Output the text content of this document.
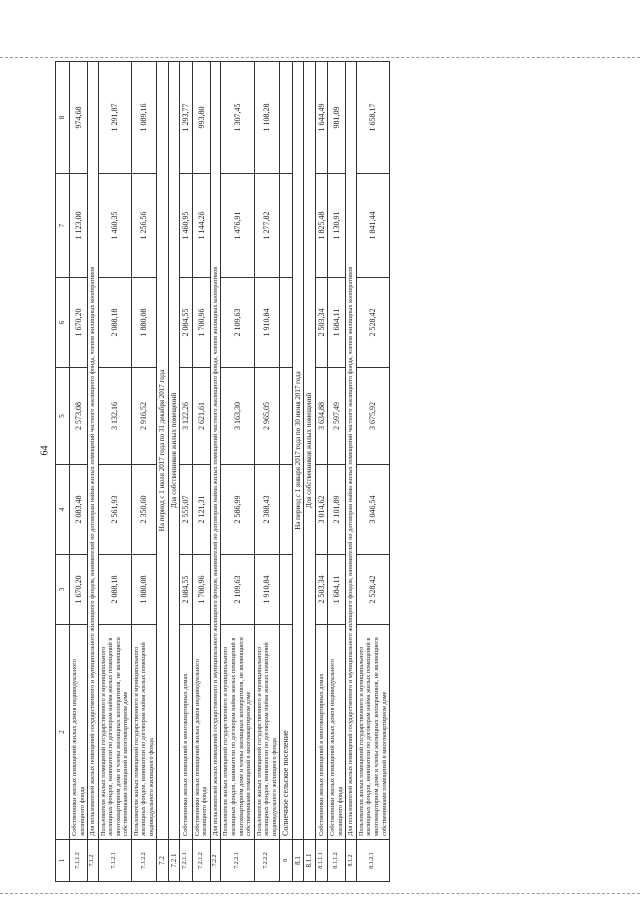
64
1	2	3	4	5	6	7	8
7.1.1.2	Собственники жилых помещений жилых домов индивидуального жилищного фонда	1 670,20	2 083,48	2 573,08	1 670,20	1 123,00	974,68
7.1.2	Для пользователей жилых помещений государственного и муниципального жилищного фондов, нанимателей по договорам найма жилых помещений частного жилищного фонда, членов жилищных кооперативов						
7.1.2.1	Пользователи жилых помещений государственного и муниципального жилищных фондов, наниматели по договорам найма жилых помещений в многоквартирном доме и члены жилищных кооперативов, не являющиеся собственниками помещений в многоквартирном доме	2 088,18	2 561,93	3 132,16	2 088,18	1 460,35	1 291,87
7.1.2.2	Пользователи жилых помещений государственного и муниципального жилищных фондов, наниматели по договорам найма жилых помещений индивидуального жилищного фонда	1 880,08	2 350,60	2 916,52	1 880,08	1 256,56	1 089,16
7.2	На период с 1 июля 2017 года по 31 декабря 2017 года						
7.2.1	Для собственников жилых помещений						
7.2.1.1	Собственники жилых помещений в многоквартирных домах	2 084,55	2 555,07	3 122,26	2 084,55	1 460,95	1 293,77
7.2.1.2	Собственники жилых помещений жилых домов индивидуального жилищного фонда	1 700,96	2 121,31	2 621,61	1 700,96	1 144,26	993,80
7.2.2	Для пользователей жилых помещений государственного и муниципального жилищного фондов, нанимателей по договорам найма жилых помещений частного жилищного фонда, членов жилищных кооперативов						
7.2.2.1	Пользователи жилых помещений государственного и муниципального жилищных фондов, наниматели по договорам найма жилых помещений в многоквартирном доме и члены жилищных кооперативов, не являющиеся собственниками помещений в многоквартирном доме	2 109,63	2 586,99	3 163,30	2 109,63	1 476,91	1 307,45
7.2.2.2	Пользователи жилых помещений государственного и муниципального жилищных фондов, наниматели по договорам найма жилых помещений индивидуального жилищного фонда	1 910,84	2 388,43	2 965,05	1 910,84	1 277,82	1 108,28
8	Солнечное сельское поселение						
8.1	На период с 1 января 2017 года по 30 июня 2017 года						
8.1.1	Для собственников жилых помещений						
8.1.1.1	Собственники жилых помещений в многоквартирных домах	2 503,34	3 014,62	3 634,88	2 503,34	1 825,48	1 644,49
8.1.1.2	Собственники жилых помещений жилых домов индивидуального жилищного фонда	1 684,11	2 101,89	2 597,49	1 684,11	1 130,91	981,09
8.1.2	Для пользователей жилых помещений государственного и муниципального жилищного фондов, нанимателей по договорам найма жилых помещений частного жилищного фонда, членов жилищных кооперативов						
8.1.2.1	Пользователи жилых помещений государственного и муниципального жилищных фондов, наниматели по договорам найма жилых помещений в многоквартирном доме и члены жилищных кооперативов, не являющиеся собственниками помещений в многоквартирном доме	2 528,42	3 046,54	3 675,92	2 528,42	1 841,44	1 658,17
